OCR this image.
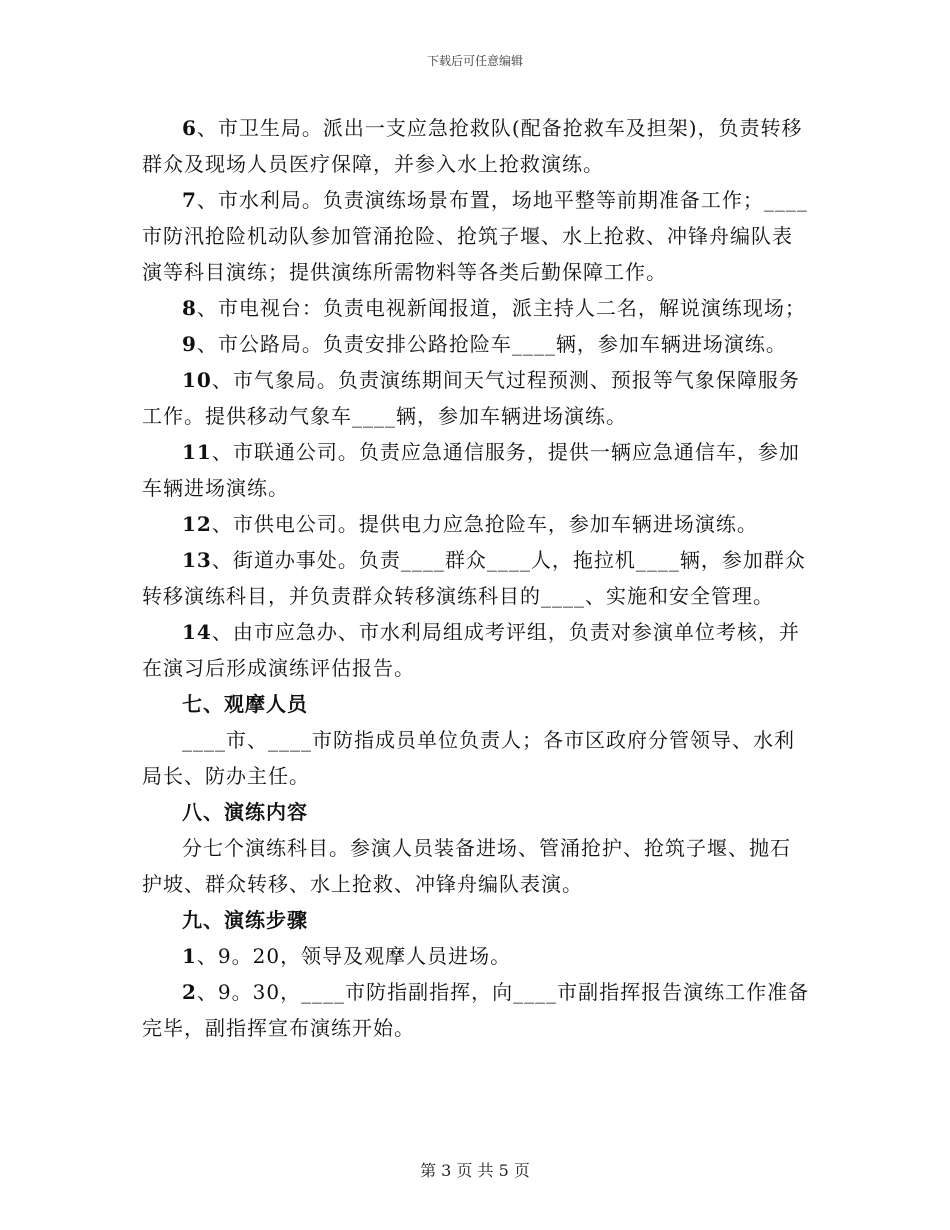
下载后可任意编辑

6、市卫生局。派出一支应急抢救队(配备抢救车及担架)，负责转移群众及现场人员医疗保障，并参入水上抢救演练。

7、市水利局。负责演练场景布置，场地平整等前期准备工作；____市防汛抢险机动队参加管涌抢险、抢筑子堰、水上抢救、冲锋舟编队表演等科目演练；提供演练所需物料等各类后勤保障工作。

8、市电视台：负责电视新闻报道，派主持人二名，解说演练现场；

9、市公路局。负责安排公路抢险车____辆，参加车辆进场演练。

10、市气象局。负责演练期间天气过程预测、预报等气象保障服务工作。提供移动气象车____辆，参加车辆进场演练。

11、市联通公司。负责应急通信服务，提供一辆应急通信车，参加车辆进场演练。

12、市供电公司。提供电力应急抢险车，参加车辆进场演练。

13、街道办事处。负责____群众____人，拖拉机____辆，参加群众转移演练科目，并负责群众转移演练科目的____、实施和安全管理。

14、由市应急办、市水利局组成考评组，负责对参演单位考核，并在演习后形成演练评估报告。

七、观摩人员

____市、____市防指成员单位负责人；各市区政府分管领导、水利局长、防办主任。

八、演练内容

分七个演练科目。参演人员装备进场、管涌抢护、抢筑子堰、抛石护坡、群众转移、水上抢救、冲锋舟编队表演。

九、演练步骤

1、9。20，领导及观摩人员进场。

2、9。30，____市防指副指挥，向____市副指挥报告演练工作准备完毕，副指挥宣布演练开始。

第 3 页 共 5 页
